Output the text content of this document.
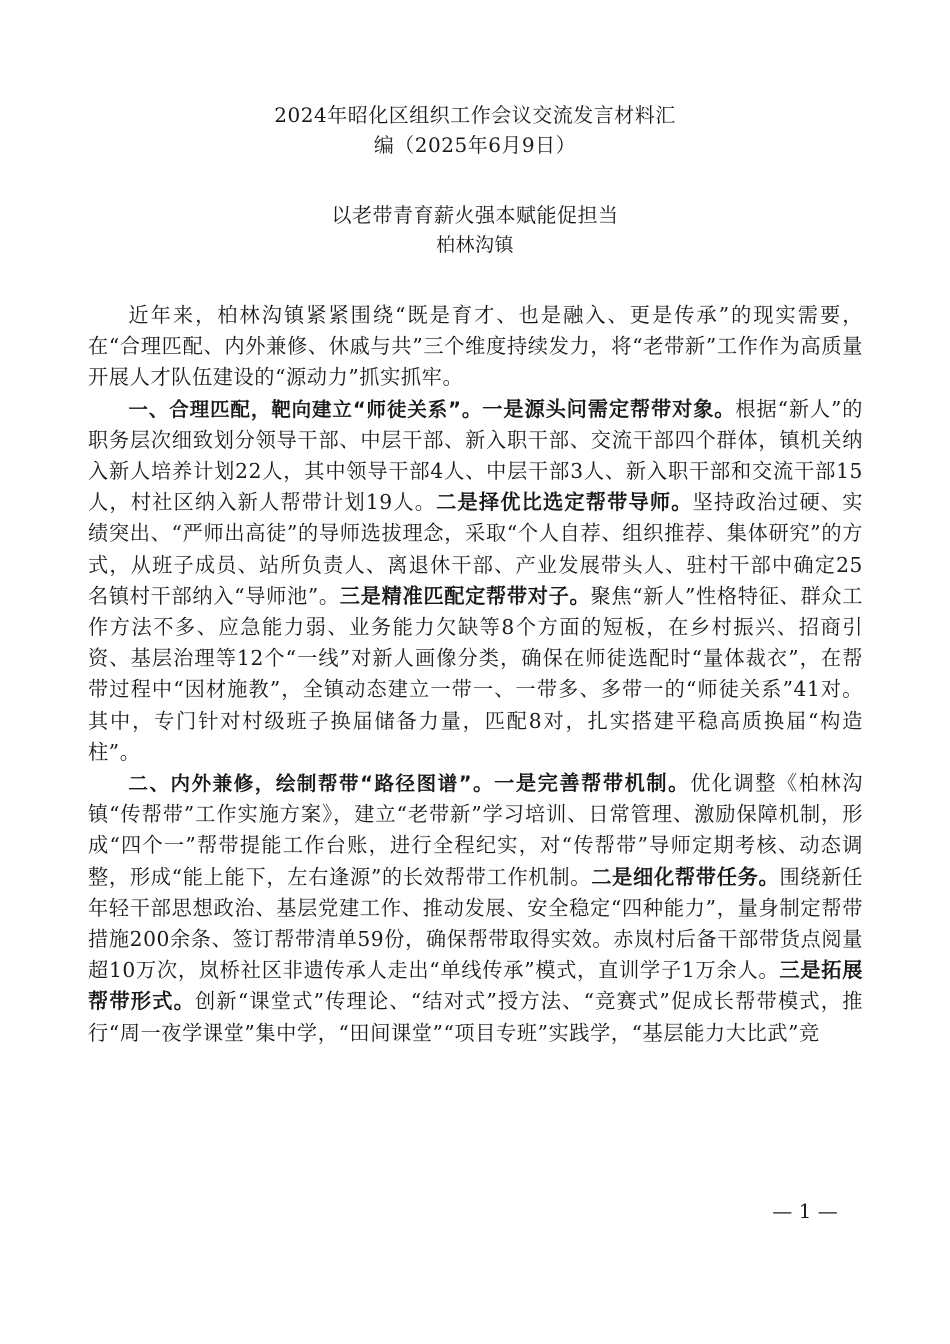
2024年昭化区组织工作会议交流发言材料汇
编（2025年6月9日）
以老带青育薪火强本赋能促担当
柏林沟镇

近年来，柏林沟镇紧紧围绕“既是育才、也是融入、更是传承”的现实需要，在“合理匹配、内外兼修、休戚与共”三个维度持续发力，将“老带新”工作作为高质量开展人才队伍建设的“源动力”抓实抓牢。

一、合理匹配，靶向建立“师徒关系”。一是源头问需定帮带对象。根据“新人”的职务层次细致划分领导干部、中层干部、新入职干部、交流干部四个群体，镇机关纳入新人培养计划22人，其中领导干部4人、中层干部3人、新入职干部和交流干部15人，村社区纳入新人帮带计划19人。二是择优比选定帮带导师。坚持政治过硬、实绩突出、“严师出高徒”的导师选拔理念，采取“个人自荐、组织推荐、集体研究”的方式，从班子成员、站所负责人、离退休干部、产业发展带头人、驻村干部中确定25名镇村干部纳入“导师池”。三是精准匹配定帮带对子。聚焦“新人”性格特征、群众工作方法不多、应急能力弱、业务能力欠缺等8个方面的短板，在乡村振兴、招商引资、基层治理等12个“一线”对新人画像分类，确保在师徒选配时“量体裁衣”，在帮带过程中“因材施教”，全镇动态建立一带一、一带多、多带一的“师徒关系”41对。其中，专门针对村级班子换届储备力量，匹配8对，扎实搭建平稳高质换届“构造柱”。

二、内外兼修，绘制帮带“路径图谱”。一是完善帮带机制。优化调整《柏林沟镇“传帮带”工作实施方案》，建立“老带新”学习培训、日常管理、激励保障机制，形成“四个一”帮带提能工作台账，进行全程纪实，对“传帮带”导师定期考核、动态调整，形成“能上能下，左右逢源”的长效帮带工作机制。二是细化帮带任务。围绕新任年轻干部思想政治、基层党建工作、推动发展、安全稳定“四种能力”，量身制定帮带措施200余条、签订帮带清单59份，确保帮带取得实效。赤岚村后备干部带货点阅量超10万次，岚桥社区非遗传承人走出“单线传承”模式，直训学子1万余人。三是拓展帮带形式。创新“课堂式”传理论、“结对式”授方法、“竞赛式”促成长帮带模式，推行“周一夜学课堂”集中学，“田间课堂”“项目专班”实践学，“基层能力大比武”竞

— 1 —
